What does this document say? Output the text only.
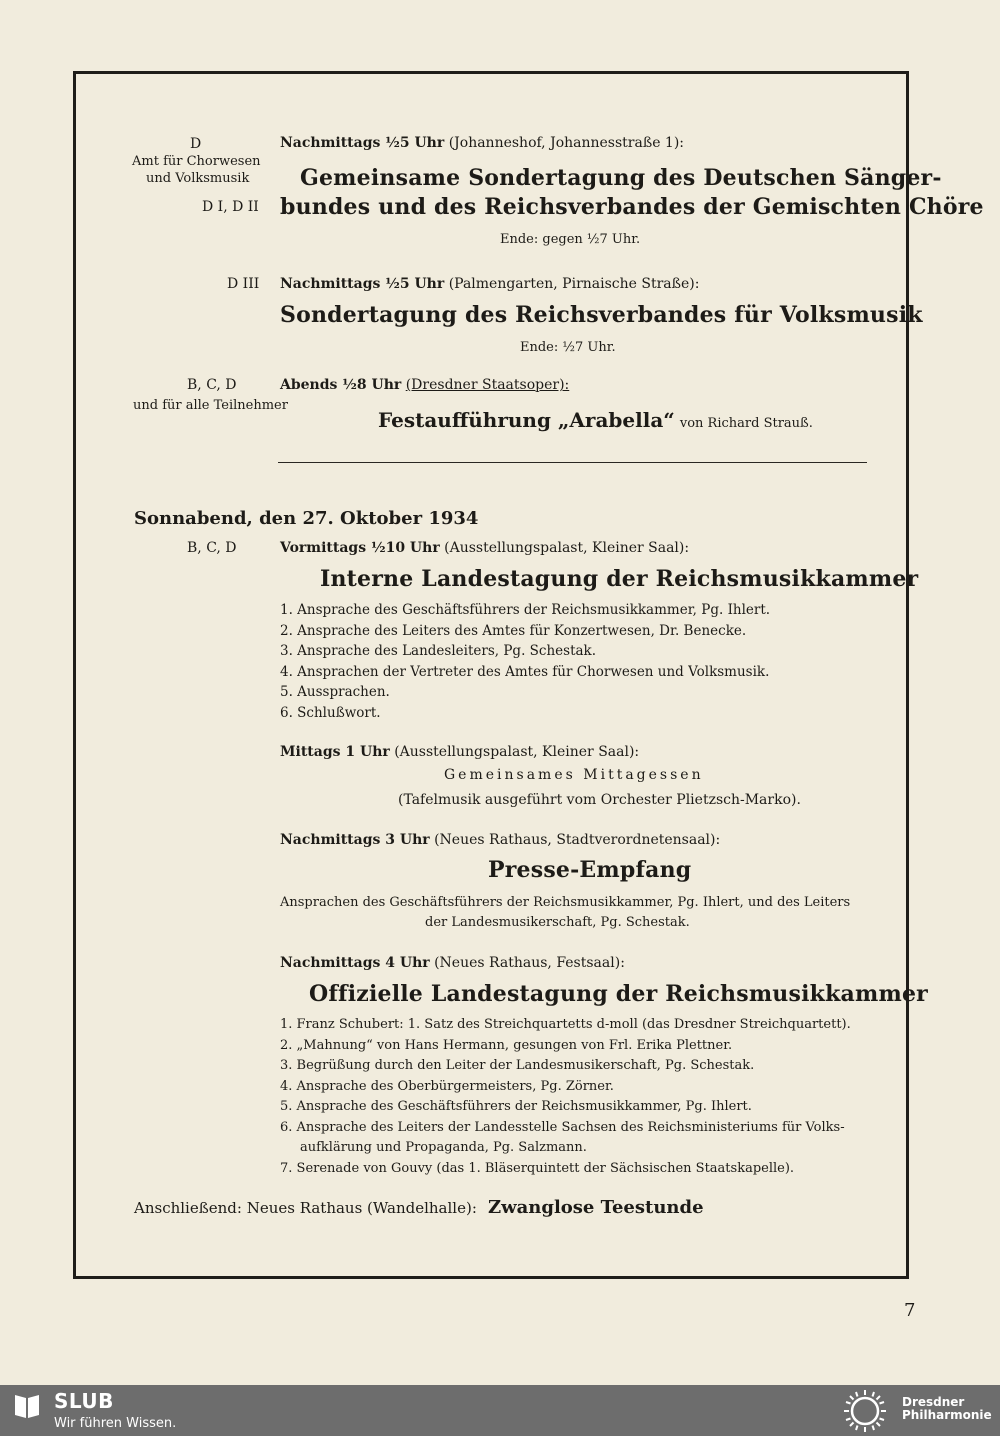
D
Amt für Chorwesen
und Volksmusik
D I, D II
D III
B, C, D
und für alle Teilnehmer
Nachmittags ½5 Uhr (Johanneshof, Johannesstraße 1):
Gemeinsame Sondertagung des Deutschen Sänger-
bundes und des Reichsverbandes der Gemischten Chöre
Ende: gegen ½7 Uhr.
Nachmittags ½5 Uhr (Palmengarten, Pirnaische Straße):
Sondertagung des Reichsverbandes für Volksmusik
Ende: ½7 Uhr.
Abends ½8 Uhr (Dresdner Staatsoper):
Festaufführung „Arabella“ von Richard Strauß.
Sonnabend, den 27. Oktober 1934
B, C, D	Vormittags ½10 Uhr (Ausstellungspalast, Kleiner Saal):
Interne Landestagung der Reichsmusikkammer
1. Ansprache des Geschäftsführers der Reichsmusikkammer, Pg. Ihlert.
2. Ansprache des Leiters des Amtes für Konzertwesen, Dr. Benecke.
3. Ansprache des Landesleiters, Pg. Schestak.
4. Ansprachen der Vertreter des Amtes für Chorwesen und Volksmusik.
5. Aussprachen.
6. Schlußwort.
Mittags 1 Uhr (Ausstellungspalast, Kleiner Saal):
Gemeinsames Mittagessen
(Tafelmusik ausgeführt vom Orchester Plietzsch-Marko).
Nachmittags 3 Uhr (Neues Rathaus, Stadtverordnetensaal):
Presse-Empfang
Ansprachen des Geschäftsführers der Reichsmusikkammer, Pg. Ihlert, und des Leiters
der Landesmusikerschaft, Pg. Schestak.
Nachmittags 4 Uhr (Neues Rathaus, Festsaal):
Offizielle Landestagung der Reichsmusikkammer
1. Franz Schubert: 1. Satz des Streichquartetts d-moll (das Dresdner Streichquartett).
2. „Mahnung“ von Hans Hermann, gesungen von Frl. Erika Plettner.
3. Begrüßung durch den Leiter der Landesmusikerschaft, Pg. Schestak.
4. Ansprache des Oberbürgermeisters, Pg. Zörner.
5. Ansprache des Geschäftsführers der Reichsmusikkammer, Pg. Ihlert.
6. Ansprache des Leiters der Landesstelle Sachsen des Reichsministeriums für Volks-
aufklärung und Propaganda, Pg. Salzmann.
7. Serenade von Gouvy (das 1. Bläserquintett der Sächsischen Staatskapelle).
Anschließend: Neues Rathaus (Wandelhalle): Zwanglose Teestunde
7
SLUB
Wir führen Wissen.
Dresdner
Philharmonie
